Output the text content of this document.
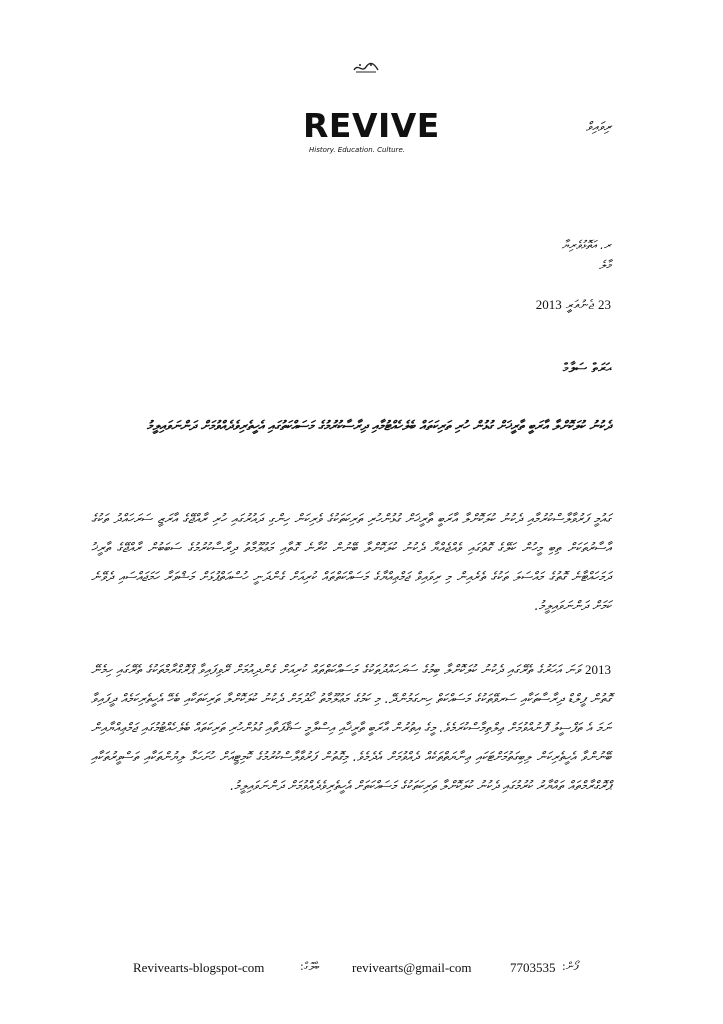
REVIVE
History. Education. Culture.
ރިވައިވް
ރ. އަތޮޅުވެރިޔާ
މާލެ
23 ޖެނުއަރީ 2013
ޙަރަތް ސަލާމް
ދެކުނު ކުލަކޮށްލާ އާރަބީ ތާރީޚަށް ގުޅުން ހުރި ތަރިކަތައް ބެލެހެއްޓުމާއި ދިރާސާކުރުމުގެ މަސައްކަތުގައި އެހީތެރިވެދެއްވުމަށް ދަންނަވައިލީމު
ގައުމީ ފަރުވާލާސްކުރުމާއި ދެކުނު ކުލަކޮށްލާ އާރަބީ ތާރީޚަށް ގުޅުންހުރި ތަރިކަތަކުގެ ވެރިކަން ހިންގި ދައުރުގައި ހުރި ރާއްޖޭގެ އާރަޒީ ސަރަހައްދު ތަކުގެ އާސާރުތަކަށް ތިބި މީހުން ކަލޭގެ ގޮތުގައި ވެއްޖެއްޔާ ދެކުނު ކުލަކޮށްލާ ބޭނުން ކުރާނެ ގޮތާއި މަޢުލޫމާތު ދިރާސާކުރުމުގެ ސަބަބުން ރާއްޖޭގެ ތާރީޚު ދަމަހައްޓާނެ ގޮތުގެ މައްސަލަ ތަކުގެ ތެރެއިން މި ރިވައިވް ޖަމްޢިއްޔާގެ މަސައްކަތްތައް ކުރިއަށް ގެންދަނީ ހުސްއަތްޕުޅަށް މަޝްވަރާ ހަމަޖައްސައި ދެވޭނެ ކަމަށް ދަންނަވައިލީމު.
2013 ވަނަ އަހަރުގެ ތެރޭގައި ދެކުނު ކުލަކޮށްލާ ބިމުގެ ސަރަހައްދުތަކުގެ މަސައްކަތްތައް ކުރިއަށް ގެންދިއުމަށް ރޭވިފައިވާ ޕްރޮގްރާމްތަކުގެ ތެރޭގައި ހިމެނޭ ގޮތުން ފީލްޑް ދިރާސާތަކާއި ސަރވޭތަކުގެ މަސައްކަތް ހިނގަމުންދޭ. މި ކަމުގެ މަޢުލޫމާތު ހޯދުމަށް ދެކުނު ކުލަކޮށްލާ ތަރިކަތަކާއި ބެހޭ އެހީތެރިކަމެއް ދީފައިވާ ނަމަ އެ ތަފްސީލު ފޮނުއްވުމަށް ޢިލްތިމާސްކުރަމެވެ. މީގެ އިތުރުން އާރަބީ ތާރީޚާއި އިސްލާމީ ސަޤާފަތާއި ގުޅުންހުރި ތަރިކަތައް ބެލެހެއްޓުމުގައި ޖަމްޢިއްޔާއިން ބޭނުންވާ އެހީތެރިކަން ލިބިގަތުމަށްޓަކައި ޢިނާޔަތްތަކެއް ދެއްވުމަށް އެދެމެވެ. މިގޮތުން ފަރުވާލާސްކުރުމުގެ ކޮމިޓީއަށް ހުށަހަޅާ ލިޔުންތަކާއި ތަސްވީރުތަކާއި ޕްރޮގްރާމްތައް ތައްޔާރު ކުރުމުގައި ދެކުނު ކުލަކޮށްލާ ތަރިކަތަކުގެ މަސައްކަތަށް އެހީތެރިވެދެއްވުމަށް ދަންނަވައިލީމު.
Revivearts-blogspot-com	ބްލޮގް: revivearts@gmail-com	7703535 ފޯން:
